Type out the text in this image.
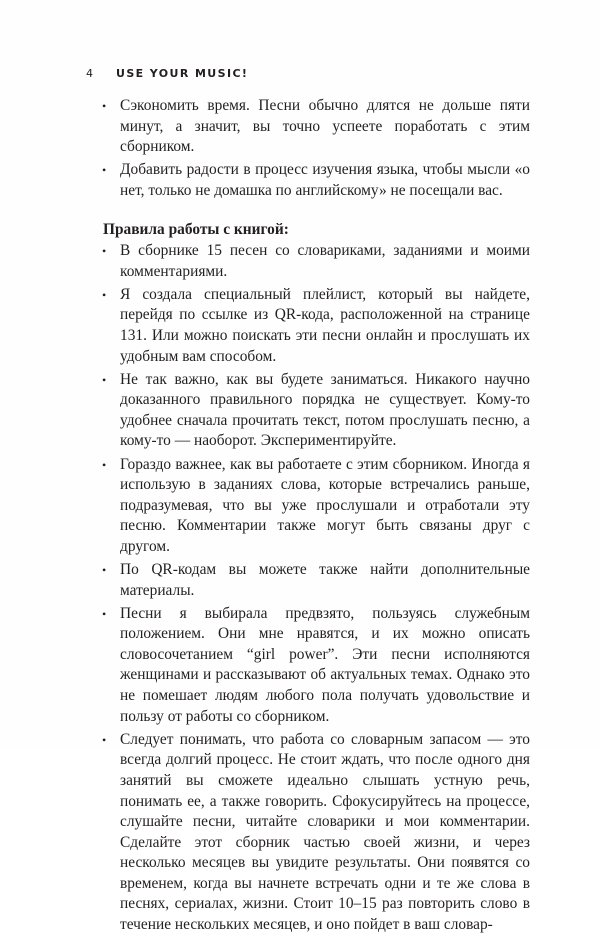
4	USE YOUR MUSIC!
• Сэкономить время. Песни обычно длятся не дольше пяти минут, а значит, вы точно успеете поработать с этим сборником.
• Добавить радости в процесс изучения языка, чтобы мысли «о нет, только не домашка по английскому» не посещали вас.
Правила работы с книгой:
• В сборнике 15 песен со словариками, заданиями и моими комментариями.
• Я создала специальный плейлист, который вы найдете, перейдя по ссылке из QR-кода, расположенной на странице 131. Или можно поискать эти песни онлайн и прослушать их удобным вам способом.
• Не так важно, как вы будете заниматься. Никакого научно доказанного правильного порядка не существует. Кому-то удобнее сначала прочитать текст, потом прослушать песню, а кому-то — наоборот. Экспериментируйте.
• Гораздо важнее, как вы работаете с этим сборником. Иногда я использую в заданиях слова, которые встречались раньше, подразумевая, что вы уже прослушали и отработали эту песню. Комментарии также могут быть связаны друг с другом.
• По QR-кодам вы можете также найти дополнительные материалы.
• Песни я выбирала предвзято, пользуясь служебным положением. Они мне нравятся, и их можно описать словосочетанием “girl power”. Эти песни исполняются женщинами и рассказывают об актуальных темах. Однако это не помешает людям любого пола получать удовольствие и пользу от работы со сборником.
• Следует понимать, что работа со словарным запасом — это всегда долгий процесс. Не стоит ждать, что после одного дня занятий вы сможете идеально слышать устную речь, понимать ее, а также говорить. Сфокусируйтесь на процессе, слушайте песни, читайте словарики и мои комментарии. Сделайте этот сборник частью своей жизни, и через несколько месяцев вы увидите результаты. Они появятся со временем, когда вы начнете встречать одни и те же слова в песнях, сериалах, жизни. Стоит 10–15 раз повторить слово в течение нескольких месяцев, и оно пойдет в ваш словар-
